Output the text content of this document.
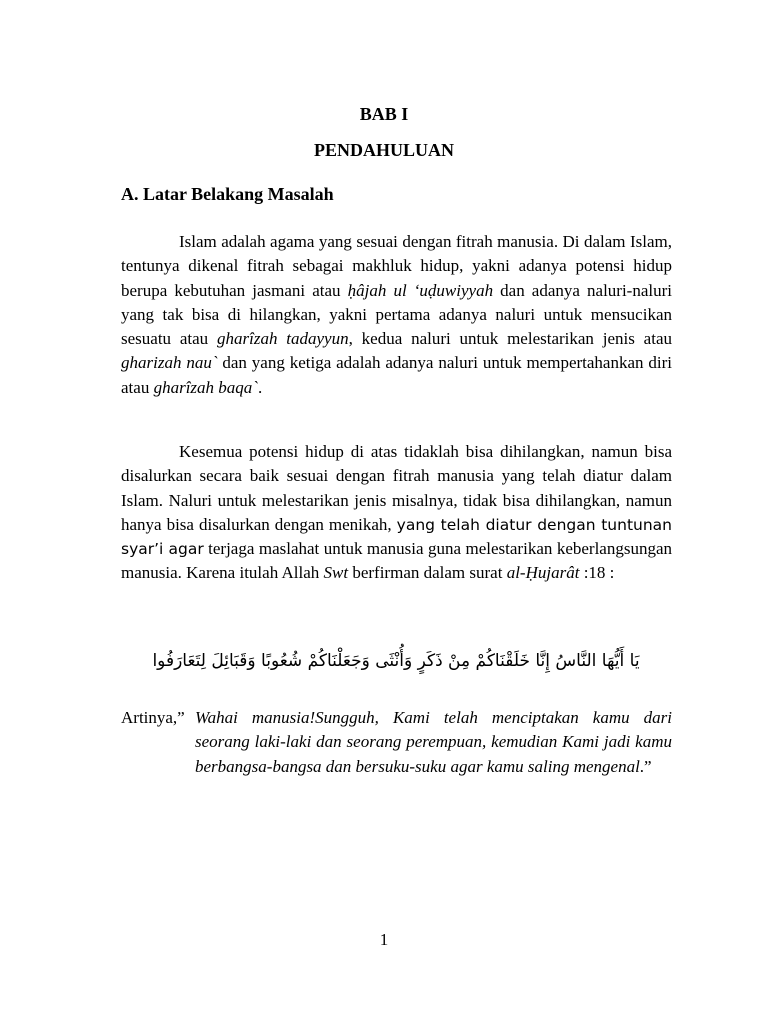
BAB I
PENDAHULUAN
A. Latar Belakang Masalah

Islam adalah agama yang sesuai dengan fitrah manusia. Di dalam Islam, tentunya dikenal fitrah sebagai makhluk hidup, yakni adanya potensi hidup berupa kebutuhan jasmani atau ḥâjah ul ‘uḍuwiyyah dan adanya naluri-naluri yang tak bisa di hilangkan, yakni pertama adanya naluri untuk mensucikan sesuatu atau gharîzah tadayyun, kedua naluri untuk melestarikan jenis atau gharizah nau` dan yang ketiga adalah adanya naluri untuk mempertahankan diri atau gharîzah baqa`.

Kesemua potensi hidup di atas tidaklah bisa dihilangkan, namun bisa disalurkan secara baik sesuai dengan fitrah manusia yang telah diatur dalam Islam. Naluri untuk melestarikan jenis misalnya, tidak bisa dihilangkan, namun hanya bisa disalurkan dengan menikah, yang telah diatur dengan tuntunan syar’i agar terjaga maslahat untuk manusia guna melestarikan keberlangsungan manusia. Karena itulah Allah Swt berfirman dalam surat al-Ḥujarât :18 :

يَا أَيُّهَا النَّاسُ إِنَّا خَلَقْنَاكُمْ مِنْ ذَكَرٍ وَأُنْثَى وَجَعَلْنَاكُمْ شُعُوبًا وَقَبَائِلَ لِتَعَارَفُوا
Artinya,” Wahai manusia!Sungguh, Kami telah menciptakan kamu dari seorang laki-laki dan seorang perempuan, kemudian Kami jadi kamu berbangsa-bangsa dan bersuku-suku agar kamu saling mengenal.”
1
